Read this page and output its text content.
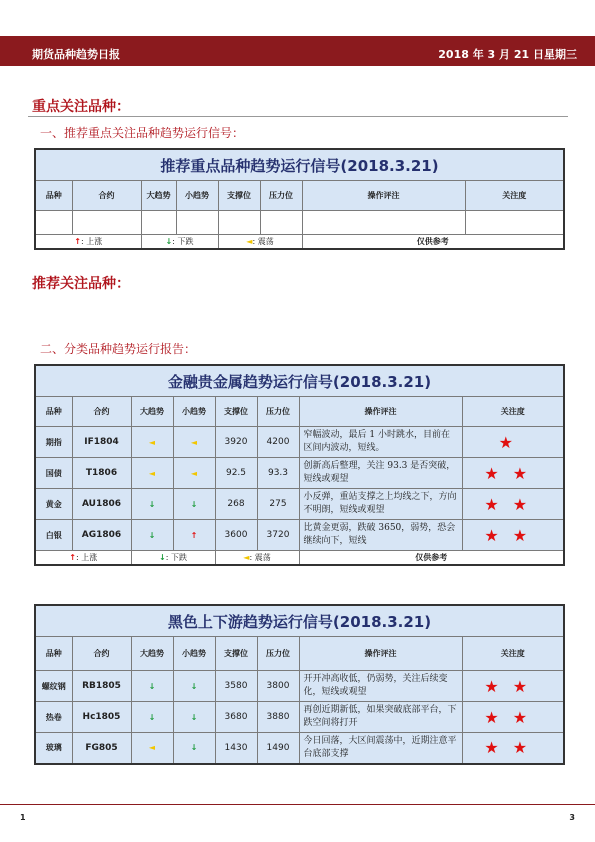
期货品种趋势日报	2018 年 3 月 21 日星期三
重点关注品种：
一、推荐重点关注品种趋势运行信号：
推荐重点品种趋势运行信号(2018.3.21)							
品种	合约	大趋势	小趋势	支撑位	压力位	操作评注	关注度

↑: 上涨		↓: 下跌		◄: 震荡		仅供参考	
推荐关注品种：
二、分类品种趋势运行报告：
金融贵金属趋势运行信号(2018.3.21)							
品种	合约	大趋势	小趋势	支撑位	压力位	操作评注	关注度
期指	IF1804	◄	◄	3920	4200	窄幅波动，最后 1 小时跳水，目前在区间内波动，短线。	★
国债	T1806	◄	◄	92.5	93.3	创新高后整理，关注 93.3 是否突破，短线或观望	★★
黄金	AU1806	↓	↓	268	275	小反弹，重站支撑之上均线之下，方向不明朗，短线或观望	★★
白银	AG1806	↓	↑	3600	3720	比黄金更弱，跌破 3650，弱势，恐会继续向下，短线	★★
↑: 上涨		↓: 下跌		◄: 震荡		仅供参考	
黑色上下游趋势运行信号(2018.3.21)							
品种	合约	大趋势	小趋势	支撑位	压力位	操作评注	关注度
螺纹钢	RB1805	↓	↓	3580	3800	开开冲高收低，仍弱势，关注后续变化，短线或观望	★★
热卷	Hc1805	↓	↓	3680	3880	再创近期新低，如果突破底部平台，下跌空间将打开	★★
玻璃	FG805	◄	↓	1430	1490	今日回落，大区间震荡中，近期注意平台底部支撑	★★
1	3
